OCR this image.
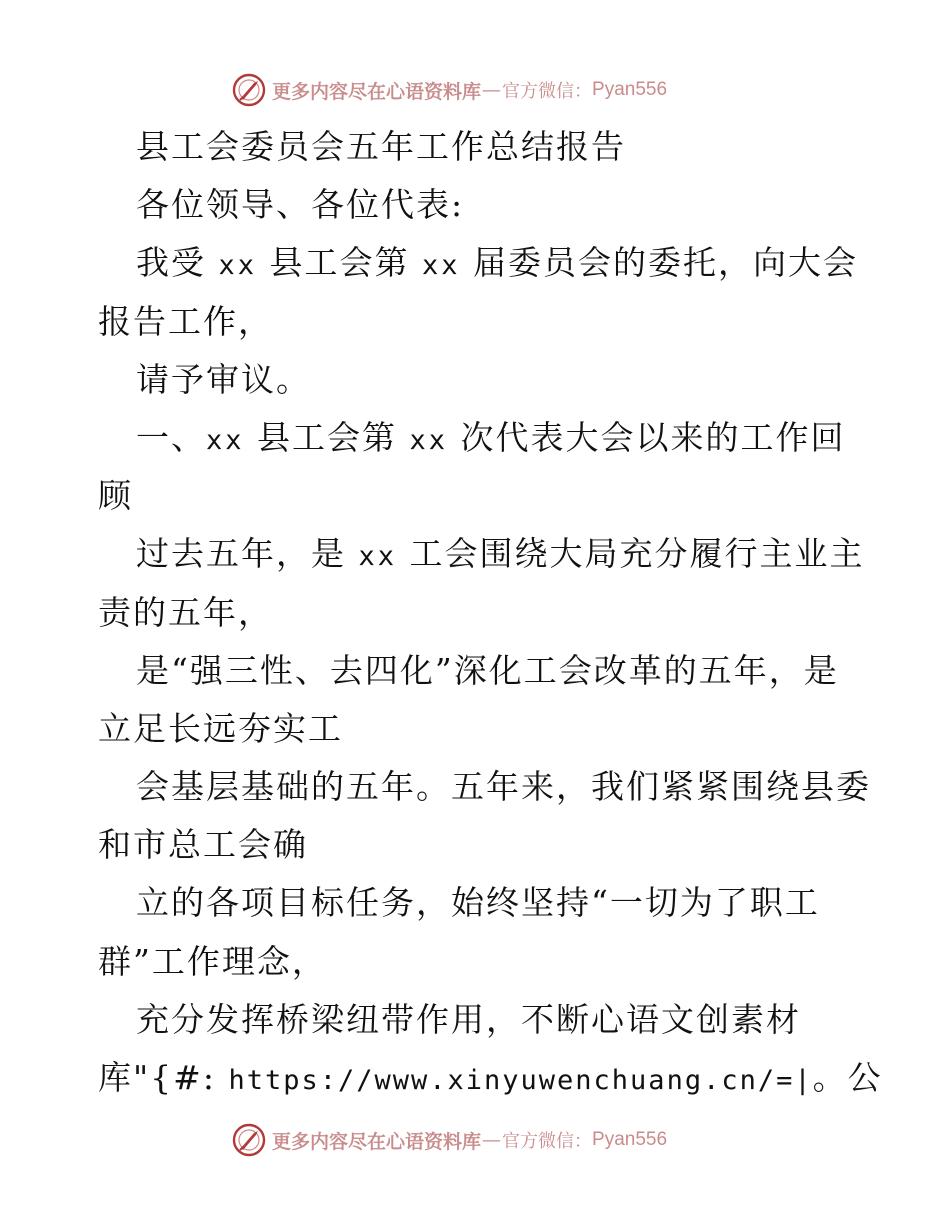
更多内容尽在心语资料库 — 官方微信： Pyan556
县工会委员会五年工作总结报告
各位领导、各位代表:
我受 xx 县工会第 xx 届委员会的委托，向大会
报告工作，
请予审议。
一、xx 县工会第 xx 次代表大会以来的工作回
顾
过去五年，是 xx 工会围绕大局充分履行主业主
责的五年，
是“强三性、去四化”深化工会改革的五年，是
立足长远夯实工
会基层基础的五年。五年来，我们紧紧围绕县委
和市总工会确
立的各项目标任务，始终坚持“一切为了职工
群”工作理念，
充分发挥桥梁纽带作用，不断心语文创素材
库"{#: https://www.xinyuwenchuang.cn/=|。公
更多内容尽在心语资料库 — 官方微信： Pyan556
